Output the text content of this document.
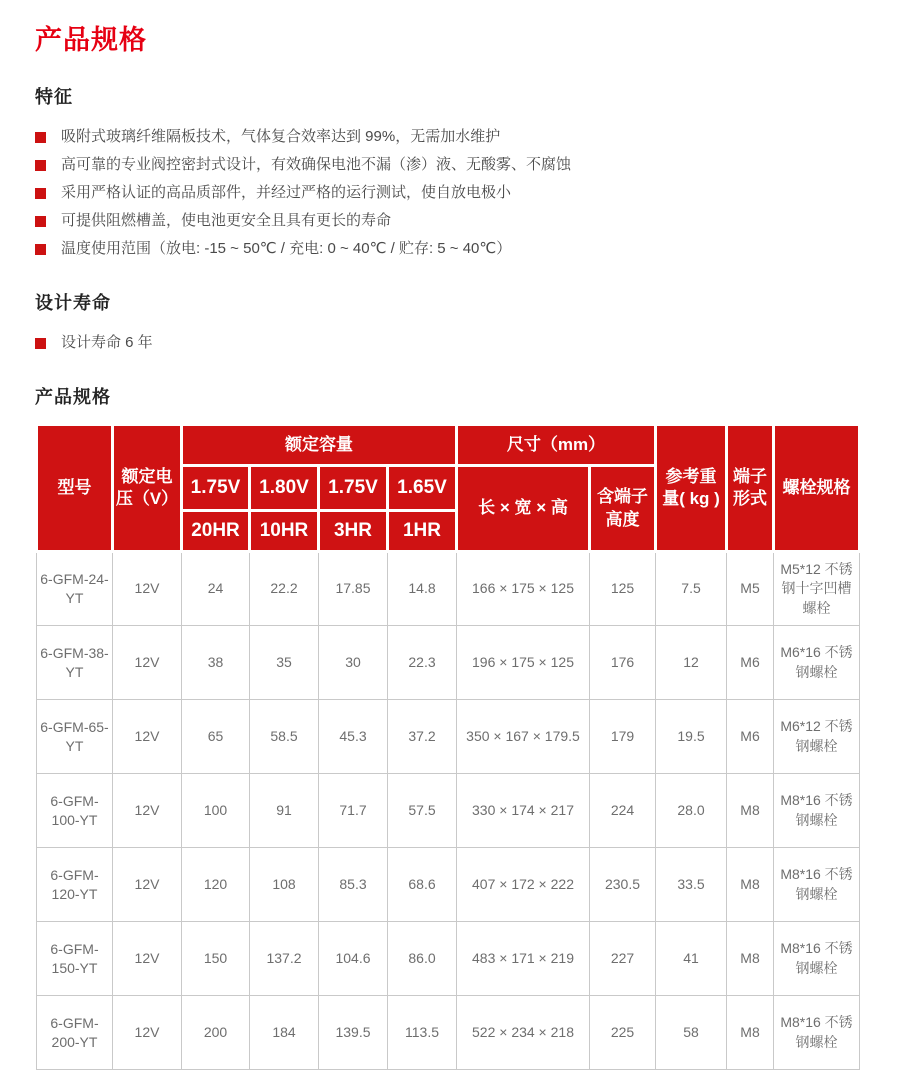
产品规格
特征
吸附式玻璃纤维隔板技术，气体复合效率达到 99%，无需加水维护
高可靠的专业阀控密封式设计，有效确保电池不漏（渗）液、无酸雾、不腐蚀
采用严格认证的高品质部件，并经过严格的运行测试，使自放电极小
可提供阻燃槽盖，使电池更安全且具有更长的寿命
温度使用范围（放电: -15 ~ 50℃ / 充电: 0 ~ 40℃ / 贮存: 5 ~ 40℃）
设计寿命
设计寿命 6 年
产品规格
型号	额定电压（V）	额定容量				尺寸（mm）		参考重量( kg )	端子形式	螺栓规格
		1.75V	1.80V	1.75V	1.65V	长 × 宽 × 高	含端子高度			
		20HR	10HR	3HR	1HR					
6-GFM-24-YT	12V	24	22.2	17.85	14.8	166 × 175 × 125	125	7.5	M5	M5*12 不锈钢十字凹槽螺栓
6-GFM-38-YT	12V	38	35	30	22.3	196 × 175 × 125	176	12	M6	M6*16 不锈钢螺栓
6-GFM-65-YT	12V	65	58.5	45.3	37.2	350 × 167 × 179.5	179	19.5	M6	M6*12 不锈钢螺栓
6-GFM-100-YT	12V	100	91	71.7	57.5	330 × 174 × 217	224	28.0	M8	M8*16 不锈钢螺栓
6-GFM-120-YT	12V	120	108	85.3	68.6	407 × 172 × 222	230.5	33.5	M8	M8*16 不锈钢螺栓
6-GFM-150-YT	12V	150	137.2	104.6	86.0	483 × 171 × 219	227	41	M8	M8*16 不锈钢螺栓
6-GFM-200-YT	12V	200	184	139.5	113.5	522 × 234 × 218	225	58	M8	M8*16 不锈钢螺栓
